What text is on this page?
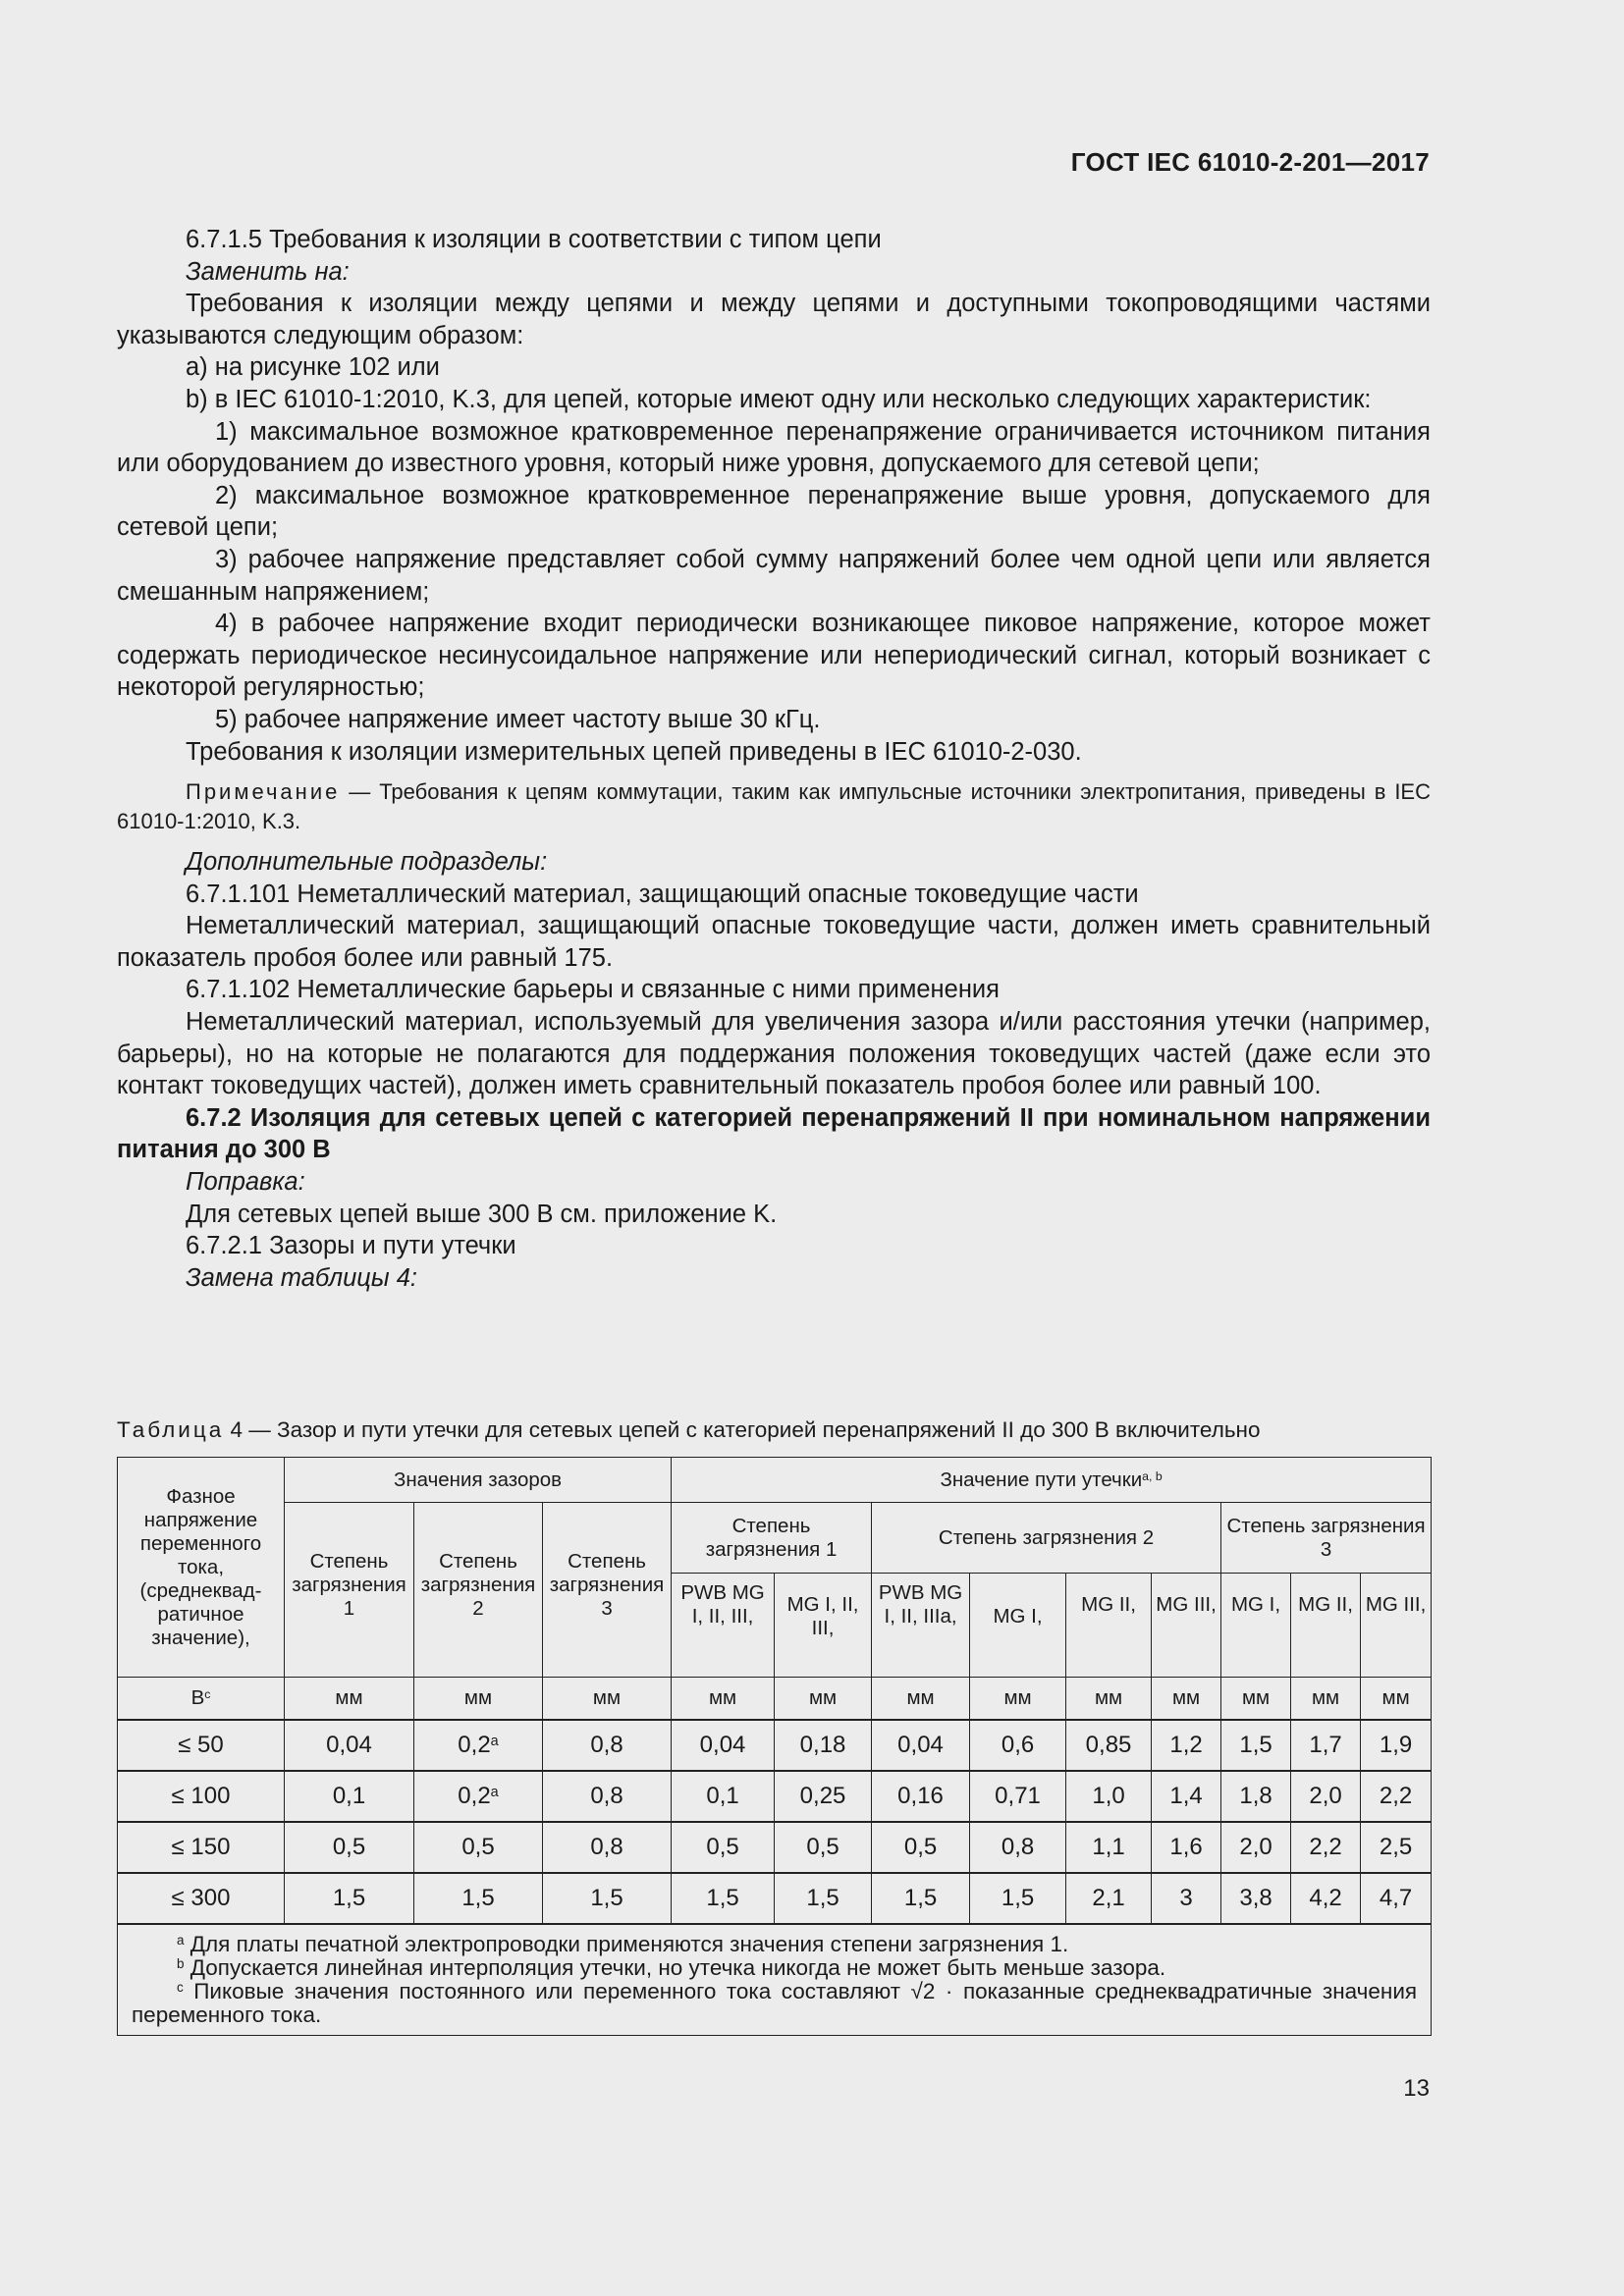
ГОСТ IEC 61010-2-201—2017

6.7.1.5 Требования к изоляции в соответствии с типом цепи

Заменить на:

Требования к изоляции между цепями и между цепями и доступными токопроводящими частями указываются следующим образом:

a) на рисунке 102 или

b) в IEC 61010-1:2010, K.3, для цепей, которые имеют одну или несколько следующих характеристик:

1) максимальное возможное кратковременное перенапряжение ограничивается источником питания или оборудованием до известного уровня, который ниже уровня, допускаемого для сетевой цепи;

2) максимальное возможное кратковременное перенапряжение выше уровня, допускаемого для сетевой цепи;

3) рабочее напряжение представляет собой сумму напряжений более чем одной цепи или является смешанным напряжением;

4) в рабочее напряжение входит периодически возникающее пиковое напряжение, которое может содержать периодическое несинусоидальное напряжение или непериодический сигнал, который возникает с некоторой регулярностью;

5) рабочее напряжение имеет частоту выше 30 кГц.

Требования к изоляции измерительных цепей приведены в IEC 61010-2-030.

Примечание — Требования к цепям коммутации, таким как импульсные источники электропитания, приведены в IEC 61010-1:2010, K.3.

Дополнительные подразделы:

6.7.1.101 Неметаллический материал, защищающий опасные токоведущие части

Неметаллический материал, защищающий опасные токоведущие части, должен иметь сравнительный показатель пробоя более или равный 175.

6.7.1.102 Неметаллические барьеры и связанные с ними применения

Неметаллический материал, используемый для увеличения зазора и/или расстояния утечки (например, барьеры), но на которые не полагаются для поддержания положения токоведущих частей (даже если это контакт токоведущих частей), должен иметь сравнительный показатель пробоя более или равный 100.

6.7.2 Изоляция для сетевых цепей с категорией перенапряжений II при номинальном напряжении питания до 300 В

Поправка:

Для сетевых цепей выше 300 В см. приложение K.

6.7.2.1 Зазоры и пути утечки

Замена таблицы 4:

Таблица 4 — Зазор и пути утечки для сетевых цепей с категорией перенапряжений II до 300 В включительно
Фазное напряжение переменного тока, (среднеквадратичное значение),	Значения зазоров			Значение пути утечки$^{a, b}$
	Степень загрязнения 1	Степень загрязнения 2	Степень загрязнения 3	Степень загрязнения 1		Степень загрязнения 2				Степень загрязнения 3		
				PWB MG I, II, III,	MG I, II, III,	PWB MG I, II, IIIa,	MG I,	MG II,	MG III,	MG I,	MG II,	MG III,
$В^c$	мм	мм	мм	мм	мм	мм	мм	мм	мм	мм	мм	мм
≤ 50	0,04	0,2$^a$	0,8	0,04	0,18	0,04	0,6	0,85	1,2	1,5	1,7	1,9
≤ 100	0,1	0,2$^a$	0,8	0,1	0,25	0,16	0,71	1,0	1,4	1,8	2,0	2,2
≤ 150	0,5	0,5	0,8	0,5	0,5	0,5	0,8	1,1	1,6	2,0	2,2	2,5
≤ 300	1,5	1,5	1,5	1,5	1,5	1,5	1,5	2,1	3	3,8	4,2	4,7

$^a$ Для платы печатной электропроводки применяются значения степени загрязнения 1.

$^b$ Допускается линейная интерполяция утечки, но утечка никогда не может быть меньше зазора.

$^c$ Пиковые значения постоянного или переменного тока составляют √2 · показанные среднеквадратичные значения переменного тока.												

13
